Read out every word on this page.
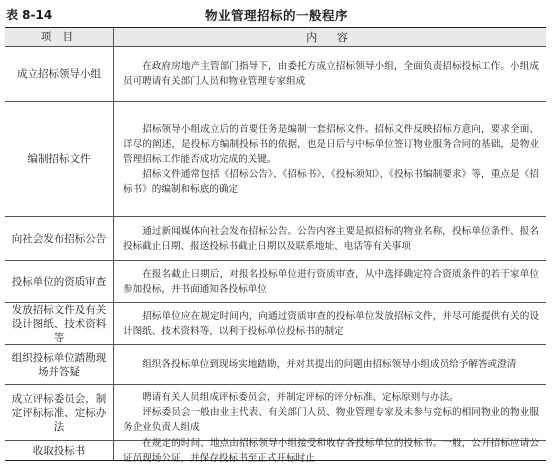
表 8-14	物业管理招标的一般程序
项 目	内 容

成立招标领导小组

在政府房地产主管部门指导下，由委托方成立招标领导小组，全面负责招标投标工作。小组成员可聘请有关部门人员和物业管理专家组成

编制招标文件

招标领导小组成立后的首要任务是编制一套招标文件。招标文件反映招标方意向，要求全面、详尽的阐述，是投标方编制投标书的依据，也是日后与中标单位签订物业服务合同的基础，是物业管理招标工作能否成功完成的关键。

招标文件通常包括《招标公告》、《招标书》、《投标须知》、《投标书编制要求》等，重点是《招标书》的编制和标底的确定

向社会发布招标公告

通过新闻媒体向社会发布招标公告。公告内容主要是拟招标的物业名称，投标单位条件、报名投标截止日期、报送投标书截止日期以及联系地址、电话等有关事项

投标单位的资质审查

在报名截止日期后，对报名投标单位进行资质审查，从中选择确定符合资质条件的若干家单位参加投标，并书面通知各投标单位

发放招标文件及有关设计图纸、技术资料等

招标单位应在规定时间内，向通过资质审查的投标单位发放招标文件，并尽可能提供有关的设计图纸、技术资料等，以利于投标单位投标书的制定

组织投标单位踏勘现场并答疑

组织各投标单位到现场实地踏勘，并对其提出的问题由招标领导小组成员给予解答或澄清

成立评标委员会，制定评标标准、定标办法

聘请有关人员组成评标委员会，并制定评标的评分标准、定标原则与办法。

评标委员会一般由业主代表、有关部门人员、物业管理专家及未参与竞标的相同物业的物业服务企业负责人组成

收取投标书

在规定的时间、地点由招标领导小组接受和收存各投标单位的投标书。一般，公开招标应请公证员现场公证，并保存投标书至正式开标时止
